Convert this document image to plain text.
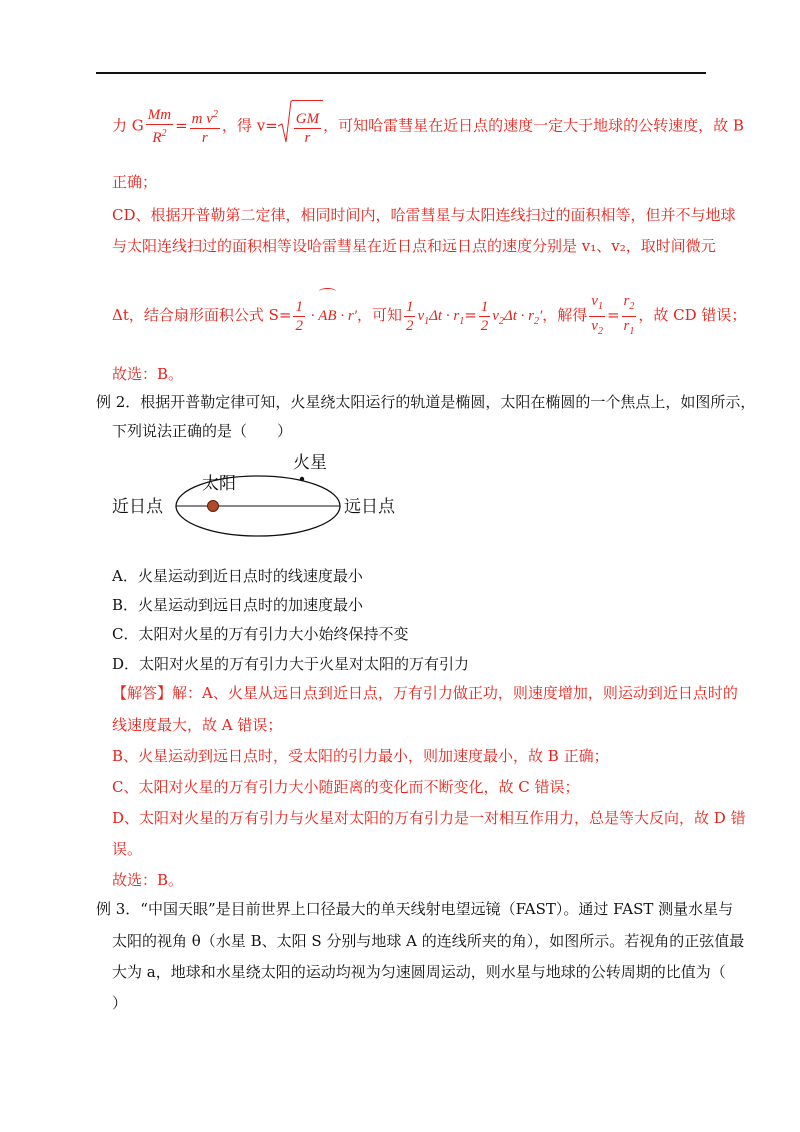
力 G $\frac{Mm}{R^2} = \frac{m v^2}{r}$ ，得 $v= \frac{GM}{r}$ ，可知哈雷彗星在近日点的速度一定大于地球的公转速度，故 B
正确；
CD、根据开普勒第二定律，相同时间内，哈雷彗星与太阳连线扫过的面积相等，但并不与地球
与太阳连线扫过的面积相等设哈雷彗星在近日点和远日点的速度分别是 v₁、v₂，取时间微元
Δt，结合扇形面积公式 $S= \frac{1}{2}$ · AB · r′，可知 $\frac{1}{2} v_1\Delta t \cdot r_1= \frac{1}{2} v_2\Delta t \cdot r_2'$，解得 $\frac{v_1}{v_2} = \frac{r_2}{r_1}$ ，故 CD 错误；
故选：B。
例 2．根据开普勒定律可知，火星绕太阳运行的轨道是椭圆，太阳在椭圆的一个焦点上，如图所示，
下列说法正确的是（　　）
火星
太阳
近日点	远日点
A．火星运动到近日点时的线速度最小
B．火星运动到远日点时的加速度最小
C．太阳对火星的万有引力大小始终保持不变
D．太阳对火星的万有引力大于火星对太阳的万有引力
【解答】解：A、火星从远日点到近日点，万有引力做正功，则速度增加，则运动到近日点时的
线速度最大，故 A 错误；
B、火星运动到远日点时，受太阳的引力最小，则加速度最小，故 B 正确；
C、太阳对火星的万有引力大小随距离的变化而不断变化，故 C 错误；
D、太阳对火星的万有引力与火星对太阳的万有引力是一对相互作用力，总是等大反向，故 D 错
误。
故选：B。
例 3．“中国天眼”是目前世界上口径最大的单天线射电望远镜（FAST）。通过 FAST 测量水星与
太阳的视角 θ（水星 B、太阳 S 分别与地球 A 的连线所夹的角），如图所示。若视角的正弦值最
大为 a，地球和水星绕太阳的运动均视为匀速圆周运动，则水星与地球的公转周期的比值为（
）
